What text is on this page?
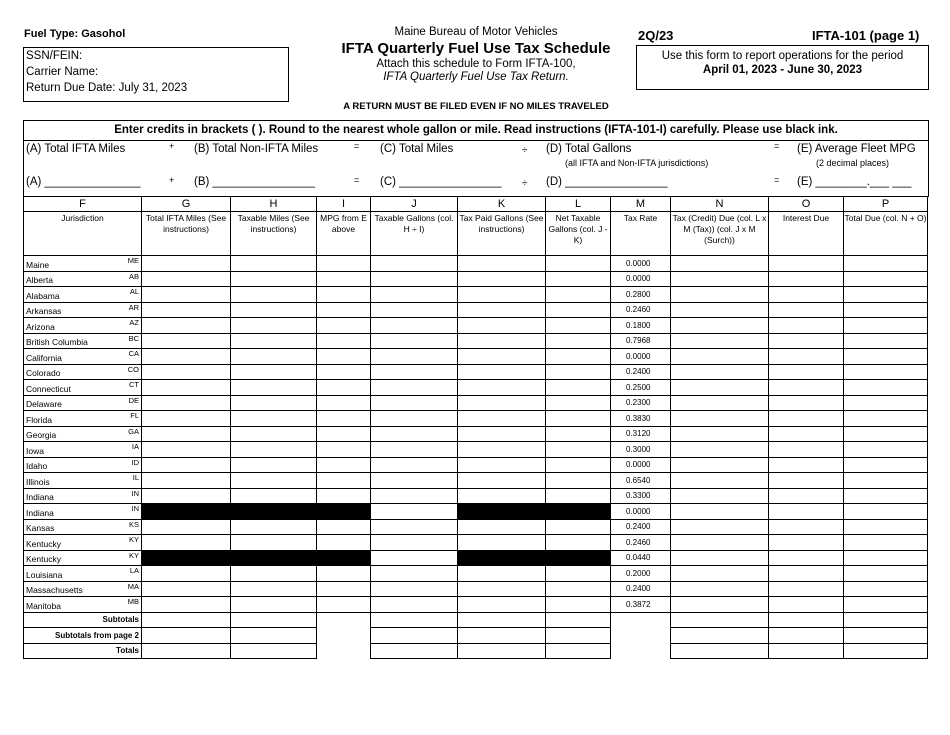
Fuel Type: Gasohol
SSN/FEIN:
Carrier Name:
Return Due Date: July 31, 2023
Maine Bureau of Motor Vehicles
IFTA Quarterly Fuel Use Tax Schedule
Attach this schedule to Form IFTA-100,
IFTA Quarterly Fuel Use Tax Return.
2Q/23	IFTA-101 (page 1)
Use this form to report operations for the period
April 01, 2023 - June 30, 2023
A RETURN MUST BE FILED EVEN IF NO MILES TRAVELED
Enter credits in brackets ( ). Round to the nearest whole gallon or mile. Read instructions (IFTA-101-I) carefully. Please use black ink.
(A) Total IFTA Miles	+ (B) Total Non-IFTA Miles	= (C) Total Miles	÷ (D) Total Gallons
(all IFTA and Non-IFTA jurisdictions)
= (E) Average Fleet MPG
(2 decimal places)
(A) _______________	+ (B) ________________	= (C) ________________ ÷ (D) ________________	= (E) ________.___ ___
F	G	H	I	J	K	L	M	N	O	P
Jurisdiction	Total IFTA Miles (See instructions)	Taxable Miles (See instructions)	MPG from E above	Taxable Gallons (col. H ÷ I)	Tax Paid Gallons (See instructions)	Net Taxable Gallons (col. J - K)	Tax Rate	Tax (Credit) Due (col. L x M (Tax)) (col. J x M (Surch))	Interest Due	Total Due (col. N + O)

Maine ME							0.0000			

Alberta AB							0.0000			

Alabama AL							0.2800			

Arkansas AR							0.2460			

Arizona AZ							0.1800			

British Columbia BC							0.7968			

California CA							0.0000			

Colorado CO							0.2400			

Connecticut CT							0.2500			

Delaware DE							0.2300			

Florida FL							0.3830			

Georgia GA							0.3120			

Iowa IA							0.3000			

Idaho ID							0.0000			

Illinois IL							0.6540			

Indiana IN							0.3300			

Indiana IN							0.0000			

Kansas KS							0.2400			

Kentucky KY							0.2460			

Kentucky KY							0.0440			

Louisiana LA							0.2000			

Massachusetts MA							0.2400			

Manitoba MB							0.3872			
Subtotals										
Subtotals from page 2										
Totals										
